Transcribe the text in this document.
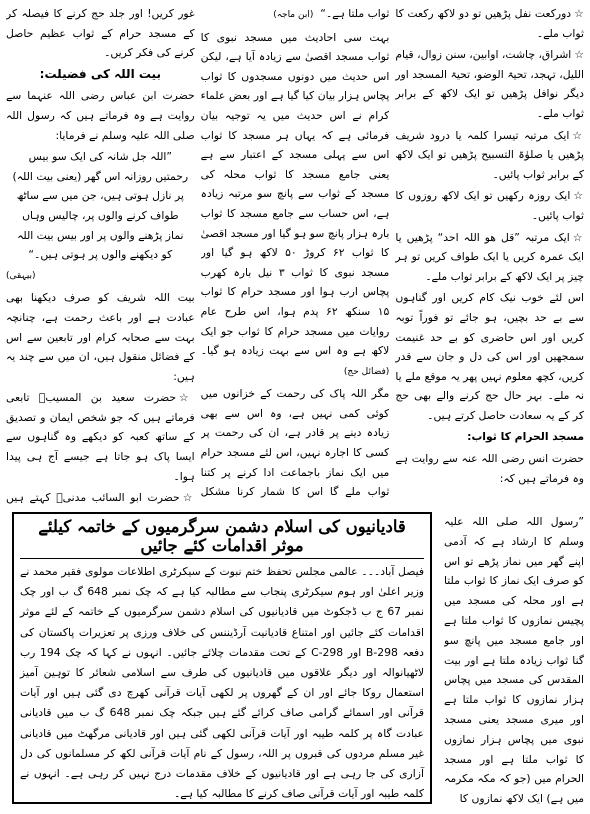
☆ دورکعت نفل پڑھیں تو دو لاکھ رکعت کا ثواب ملے۔

☆ اشراق، چاشت، اوابین، سنن زوال، قیام اللیل، تہجد، تحیۃ الوضو، تحیۃ المسجد اور دیگر نوافل پڑھیں تو ایک لاکھ کے برابر ثواب ملے۔

☆ ایک مرتبہ تیسرا کلمہ یا درود شریف پڑھیں یا صلوٰۃ التسبیح پڑھیں تو ایک لاکھ کے برابر ثواب پائیں۔

☆ ایک روزہ رکھیں تو ایک لاکھ روزوں کا ثواب پائیں۔

☆ ایک مرتبہ ”قل ھو اللہ احد“ پڑھیں یا ایک عمرہ کریں یا ایک طواف کریں تو ہر چیز پر ایک لاکھ کے برابر ثواب ملے۔

اس لئے خوب نیک کام کریں اور گناہوں سے بے حد بچیں، ہو جائے تو فوراً توبہ کریں اور اس حاضری کو بے حد غنیمت سمجھیں اور اس کی دل و جان سے قدر کریں، کچھ معلوم نہیں پھر یہ موقع ملے یا نہ ملے۔ بہر حال حج کرنے والے بھی حج کر کے یہ سعادت حاصل کرتے ہیں۔

مسجد الحرام کا ثواب:

حضرت انس رضی اللہ عنہ سے روایت ہے وہ فرماتے ہیں کہ:

ثواب ملتا ہے۔“  (ابن ماجہ)

بہت سی احادیث میں مسجد نبوی کا ثواب مسجد اقصیٰ سے زیادہ آیا ہے، لیکن اس حدیث میں دونوں مسجدوں کا ثواب پچاس ہزار بیان کیا گیا ہے اور بعض علماء کرام نے اس حدیث میں یہ توجیہ بیان فرمائی ہے کہ یہاں ہر مسجد کا ثواب اس سے پہلی مسجد کے اعتبار سے ہے یعنی جامع مسجد کا ثواب محلہ کی مسجد کے ثواب سے پانچ سو مرتبہ زیادہ ہے، اس حساب سے جامع مسجد کا ثواب بارہ ہزار پانچ سو ہو گیا اور مسجد اقصیٰ کا ثواب ۶۲ کروڑ ۵۰ لاکھ ہو گیا اور مسجد نبوی کا ثواب ۳ نیل بارہ کھرب پچاس ارب ہوا اور مسجد حرام کا ثواب ۱۵ سنکھ ۶۲ پدم ہوا، اس طرح عام روایات میں مسجد حرام کا ثواب جو ایک لاکھ ہے وہ اس سے بہت زیادہ ہو گیا۔ (فضائل حج)

مگر اللہ پاک کی رحمت کے خزانوں میں کوئی کمی نہیں ہے، وہ اس سے بھی زیادہ دینے پر قادر ہے، ان کی رحمت پر کسی کا اجارہ نہیں، اس لئے مسجد حرام میں ایک نماز باجماعت ادا کرنے پر کتنا ثواب ملے گا اس کا شمار کرنا مشکل

غور کریں! اور جلد حج کرنے کا فیصلہ کر کے مسجد حرام کے ثواب عظیم حاصل کرنے کی فکر کریں۔

بیت اللہ کی فضیلت:

حضرت ابن عباس رضی اللہ عنہما سے روایت ہے وہ فرماتے ہیں کہ رسول اللہ صلی اللہ علیہ وسلم نے فرمایا:

”اللہ جل شانہ کی ایک سو بیس رحمتیں روزانہ اس گھر (یعنی بیت اللہ) پر نازل ہوتی ہیں، جن میں سے ساٹھ طواف کرنے والوں پر، چالیس وہاں نماز پڑھنے والوں پر اور بیس بیت اللہ کو دیکھنے والوں پر ہوتی ہیں۔“

(بیہقی)

بیت اللہ شریف کو صرف دیکھنا بھی عبادت ہے اور باعث رحمت ہے، چنانچہ بہت سے صحابہ کرام اور تابعین سے اس کے فضائل منقول ہیں، ان میں سے چند یہ ہیں:

☆ حضرت سعید بن المسیبؒ تابعی فرماتے ہیں کہ جو شخص ایمان و تصدیق کے ساتھ کعبہ کو دیکھے وہ گناہوں سے ایسا پاک ہو جاتا ہے جیسے آج ہی پیدا ہوا۔

☆ حضرت ابو السائب مدنیؒ کہتے ہیں

قادیانیوں کی اسلام دشمن سرگرمیوں کے خاتمہ کیلئے موثر اقدامات کئے جائیں

فیصل آباد۔۔۔ عالمی مجلس تحفظ ختم نبوت کے سیکرٹری اطلاعات مولوی فقیر محمد نے وزیر اعلیٰ اور ہوم سیکرٹری پنجاب سے مطالبہ کیا ہے کہ چک نمبر 648 گ ب اور چک نمبر 67 ج ب ڈجکوٹ میں قادیانیوں کی اسلام دشمن سرگرمیوں کے خاتمہ کے لئے موثر اقدامات کئے جائیں اور امتناع قادیانیت آرڈیننس کی خلاف ورزی پر تعزیرات پاکستان کی دفعہ 298-B اور 298-C کے تحت مقدمات چلائے جائیں۔ انہوں نے کہا کہ چک 194 رب لاٹھیانوالہ اور دیگر علاقوں میں قادیانیوں کی طرف سے اسلامی شعائر کا توہین آمیز استعمال روکا جائے اور ان کے گھروں پر لکھی آیات قرآنی کھرچ دی گئی ہیں اور آیات قرآنی اور اسمائے گرامی صاف کرائے گئے ہیں جبکہ چک نمبر 648 گ ب میں قادیانی عبادت گاہ پر کلمہ طیبہ اور آیات قرآنی لکھی گئی ہیں اور قادیانی مرگھٹ میں قادیانی غیر مسلم مردوں کی قبروں پر اللہ، رسول کے نام آیات قرآنی لکھ کر مسلمانوں کی دل آزاری کی جا رہی ہے اور قادیانیوں کے خلاف مقدمات درج نہیں کر رہی ہے۔ انہوں نے کلمہ طیبہ اور آیات قرآنی صاف کرنے کا مطالبہ کیا ہے۔

”رسول اللہ صلی اللہ علیہ وسلم کا ارشاد ہے کہ آدمی اپنے گھر میں نماز پڑھے تو اس کو صرف ایک نماز کا ثواب ملتا ہے اور محلہ کی مسجد میں پچیس نمازوں کا ثواب ملتا ہے اور جامع مسجد میں پانچ سو گنا ثواب زیادہ ملتا ہے اور بیت المقدس کی مسجد میں پچاس ہزار نمازوں کا ثواب ملتا ہے اور میری مسجد یعنی مسجد نبوی میں پچاس ہزار نمازوں کا ثواب ملتا ہے اور مسجد الحرام میں (جو کہ مکہ مکرمہ میں ہے) ایک لاکھ نمازوں کا
